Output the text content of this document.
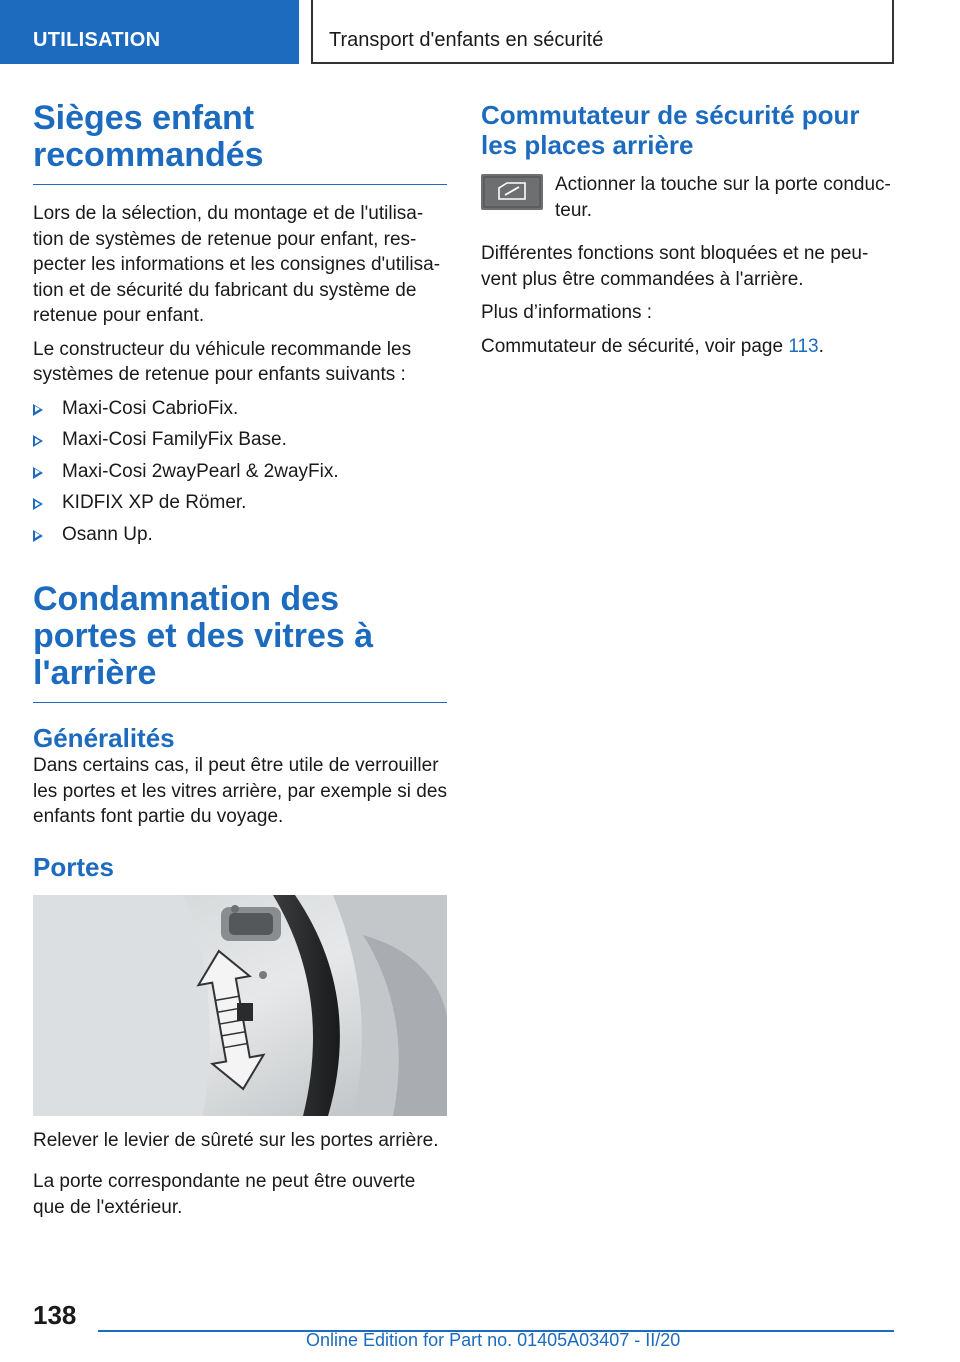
UTILISATION	Transport d'enfants en sécurité
Sièges enfant recommandés

Lors de la sélection, du montage et de l'utilisa-tion de systèmes de retenue pour enfant, res-pecter les informations et les consignes d'utilisa-tion et de sécurité du fabricant du système de retenue pour enfant.

Le constructeur du véhicule recommande les systèmes de retenue pour enfants suivants :

Maxi-Cosi CabrioFix.
Maxi-Cosi FamilyFix Base.
Maxi-Cosi 2wayPearl & 2wayFix.
KIDFIX XP de Römer.
Osann Up.
Condamnation des portes et des vitres à l'arrière
Généralités

Dans certains cas, il peut être utile de verrouiller les portes et les vitres arrière, par exemple si des enfants font partie du voyage.

Portes

Relever le levier de sûreté sur les portes arrière.

La porte correspondante ne peut être ouverte que de l'extérieur.

Commutateur de sécurité pour les places arrière

Actionner la touche sur la porte conduc-teur.

Différentes fonctions sont bloquées et ne peu-vent plus être commandées à l'arrière.

Plus d’informations :

Commutateur de sécurité, voir page 113.

138
Online Edition for Part no. 01405A03407 - II/20
